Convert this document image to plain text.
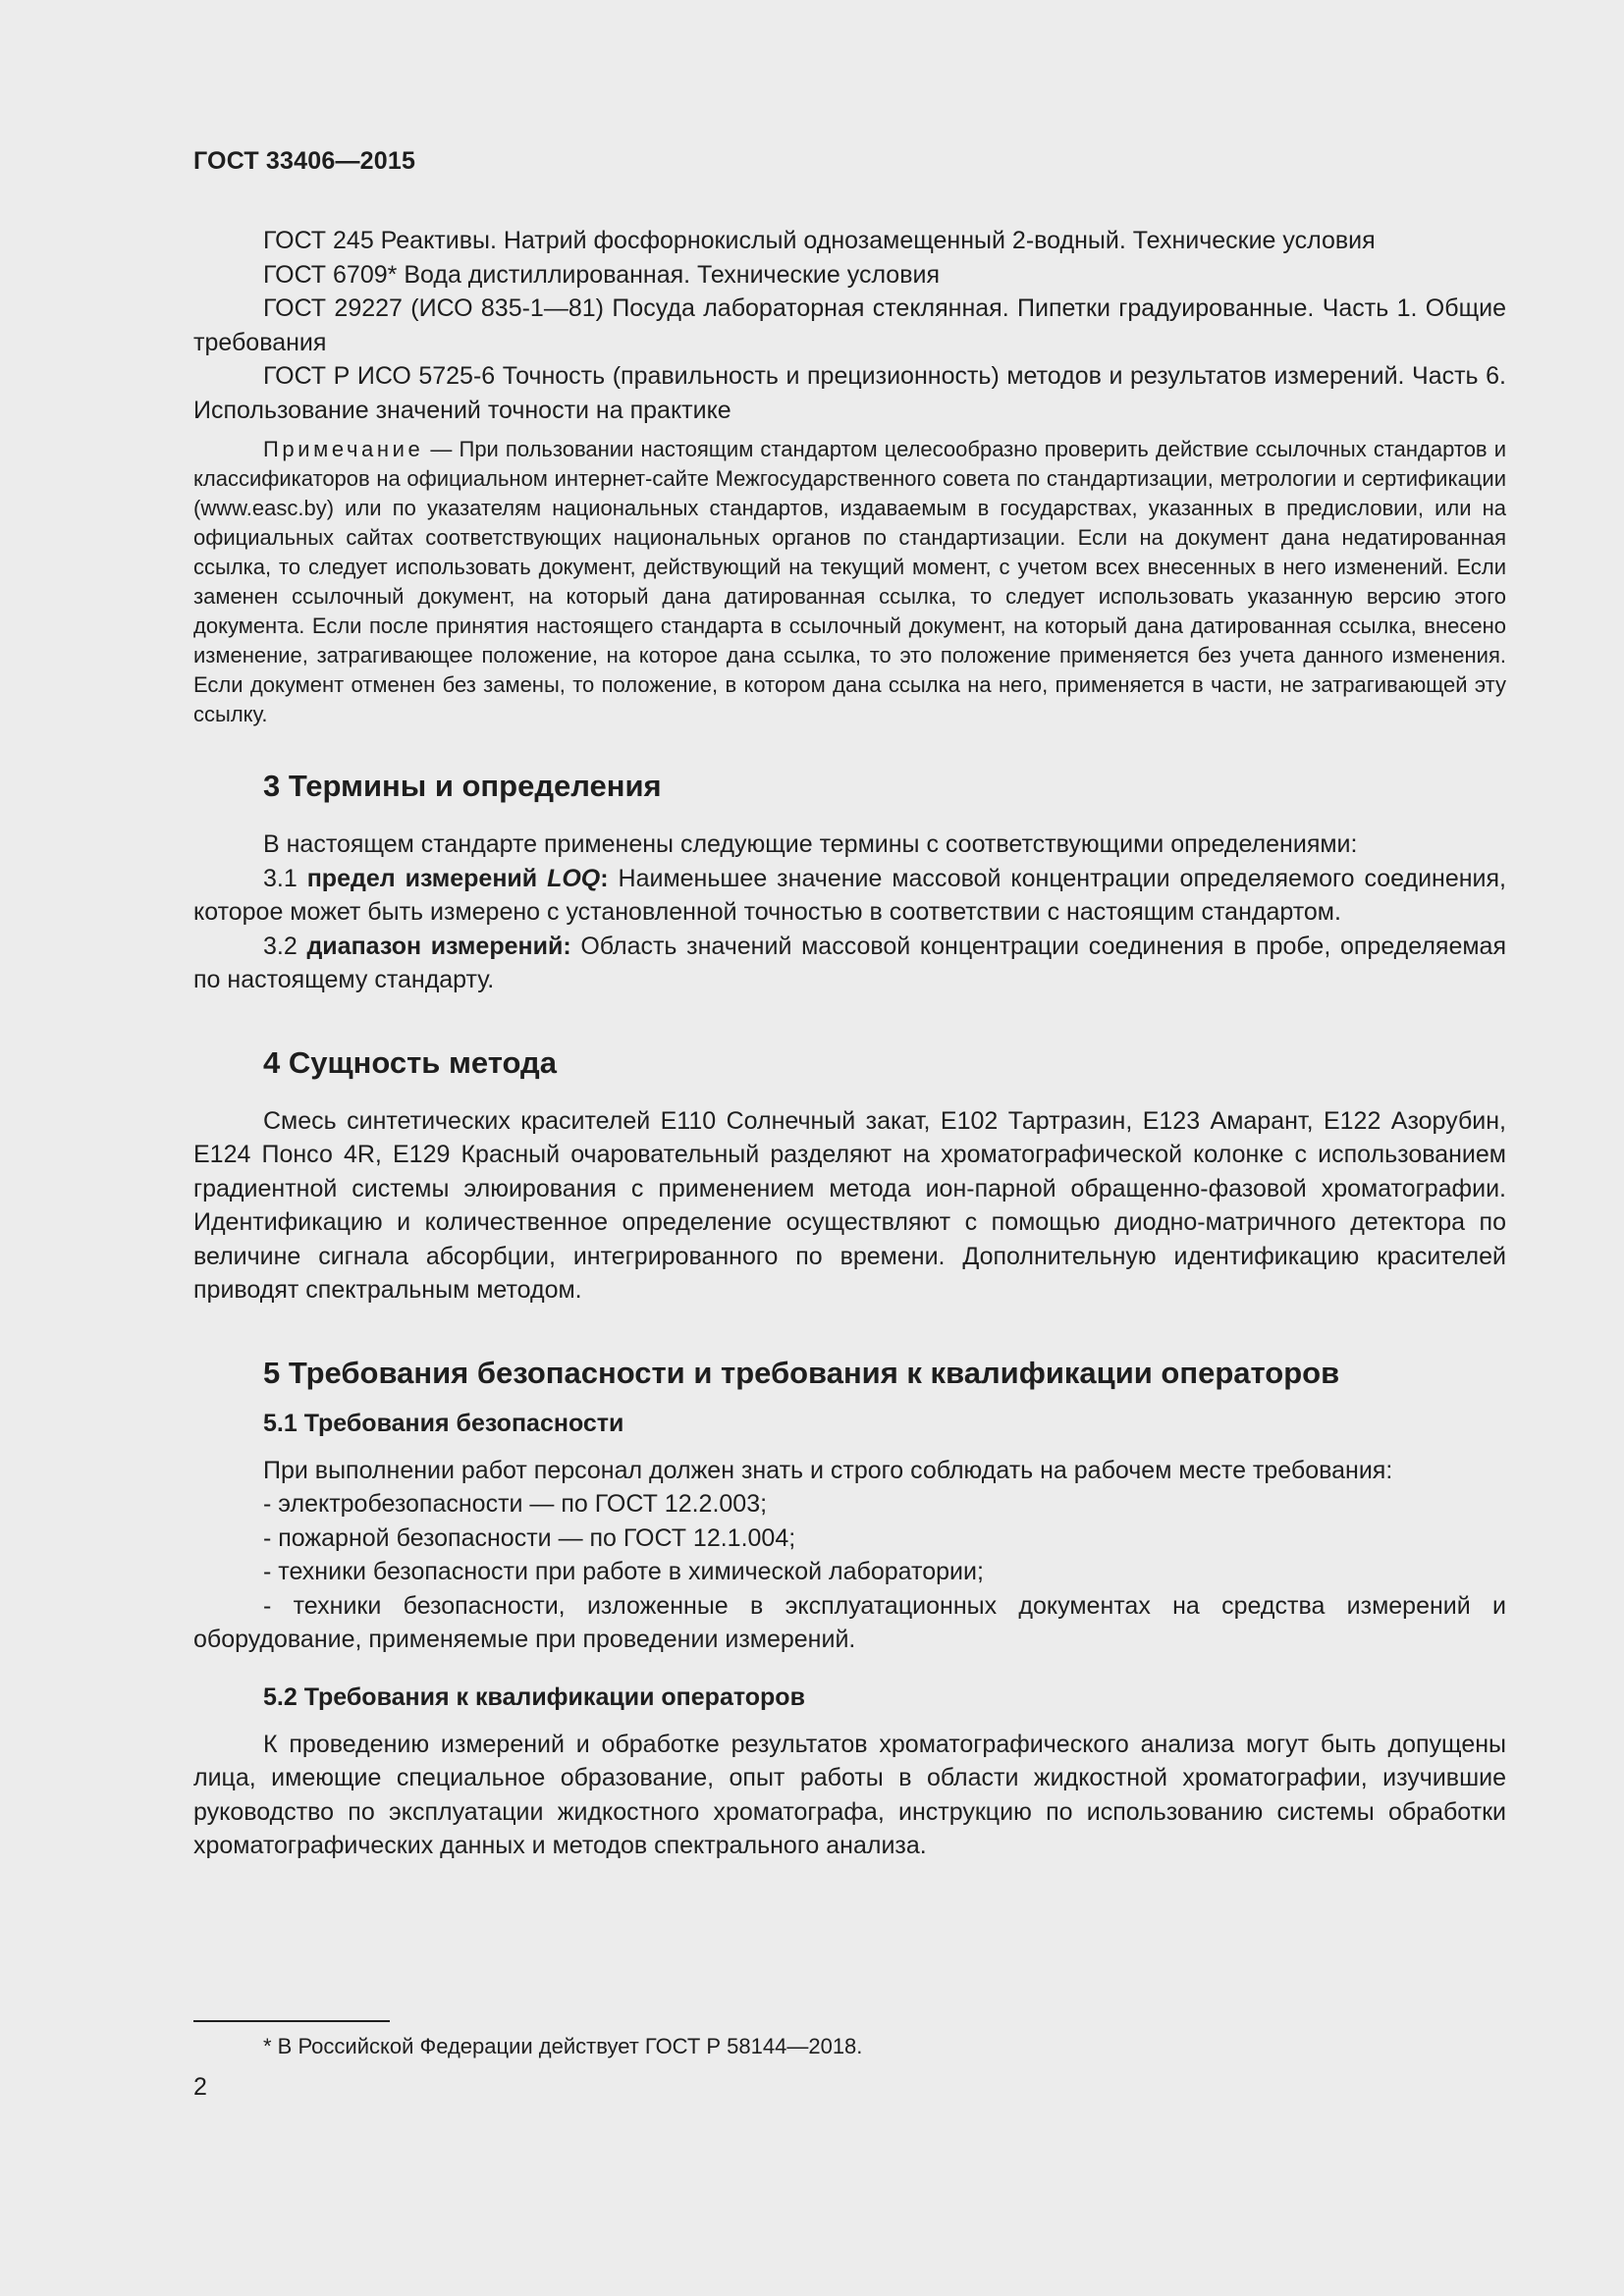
ГОСТ 33406—2015

ГОСТ 245 Реактивы. Натрий фосфорнокислый однозамещенный 2-водный. Технические условия

ГОСТ 6709* Вода дистиллированная. Технические условия

ГОСТ 29227 (ИСО 835-1—81) Посуда лабораторная стеклянная. Пипетки градуированные. Часть 1. Общие требования

ГОСТ Р ИСО 5725-6 Точность (правильность и прецизионность) методов и результатов измерений. Часть 6. Использование значений точности на практике

Примечание — При пользовании настоящим стандартом целесообразно проверить действие ссылочных стандартов и классификаторов на официальном интернет-сайте Межгосударственного совета по стандартизации, метрологии и сертификации (www.easc.by) или по указателям национальных стандартов, издаваемым в государствах, указанных в предисловии, или на официальных сайтах соответствующих национальных органов по стандартизации. Если на документ дана недатированная ссылка, то следует использовать документ, действующий на текущий момент, с учетом всех внесенных в него изменений. Если заменен ссылочный документ, на который дана датированная ссылка, то следует использовать указанную версию этого документа. Если после принятия настоящего стандарта в ссылочный документ, на который дана датированная ссылка, внесено изменение, затрагивающее положение, на которое дана ссылка, то это положение применяется без учета данного изменения. Если документ отменен без замены, то положение, в котором дана ссылка на него, применяется в части, не затрагивающей эту ссылку.

3 Термины и определения

В настоящем стандарте применены следующие термины с соответствующими определениями:

3.1 предел измерений LOQ: Наименьшее значение массовой концентрации определяемого соединения, которое может быть измерено с установленной точностью в соответствии с настоящим стандартом.

3.2 диапазон измерений: Область значений массовой концентрации соединения в пробе, определяемая по настоящему стандарту.

4 Сущность метода

Смесь синтетических красителей Е110 Солнечный закат, Е102 Тартразин, Е123 Амарант, Е122 Азорубин, Е124 Понсо 4R, Е129 Красный очаровательный разделяют на хроматографической колонке с использованием градиентной системы элюирования с применением метода ион-парной обращенно-фазовой хроматографии. Идентификацию и количественное определение осуществляют с помощью диодно-матричного детектора по величине сигнала абсорбции, интегрированного по времени. Дополнительную идентификацию красителей приводят спектральным методом.

5 Требования безопасности и требования к квалификации операторов
5.1 Требования безопасности

При выполнении работ персонал должен знать и строго соблюдать на рабочем месте требования:

- электробезопасности — по ГОСТ 12.2.003;

- пожарной безопасности — по ГОСТ 12.1.004;

- техники безопасности при работе в химической лаборатории;

- техники безопасности, изложенные в эксплуатационных документах на средства измерений и оборудование, применяемые при проведении измерений.

5.2 Требования к квалификации операторов

К проведению измерений и обработке результатов хроматографического анализа могут быть допущены лица, имеющие специальное образование, опыт работы в области жидкостной хроматографии, изучившие руководство по эксплуатации жидкостного хроматографа, инструкцию по использованию системы обработки хроматографических данных и методов спектрального анализа.

* В Российской Федерации действует ГОСТ Р 58144—2018.
2
